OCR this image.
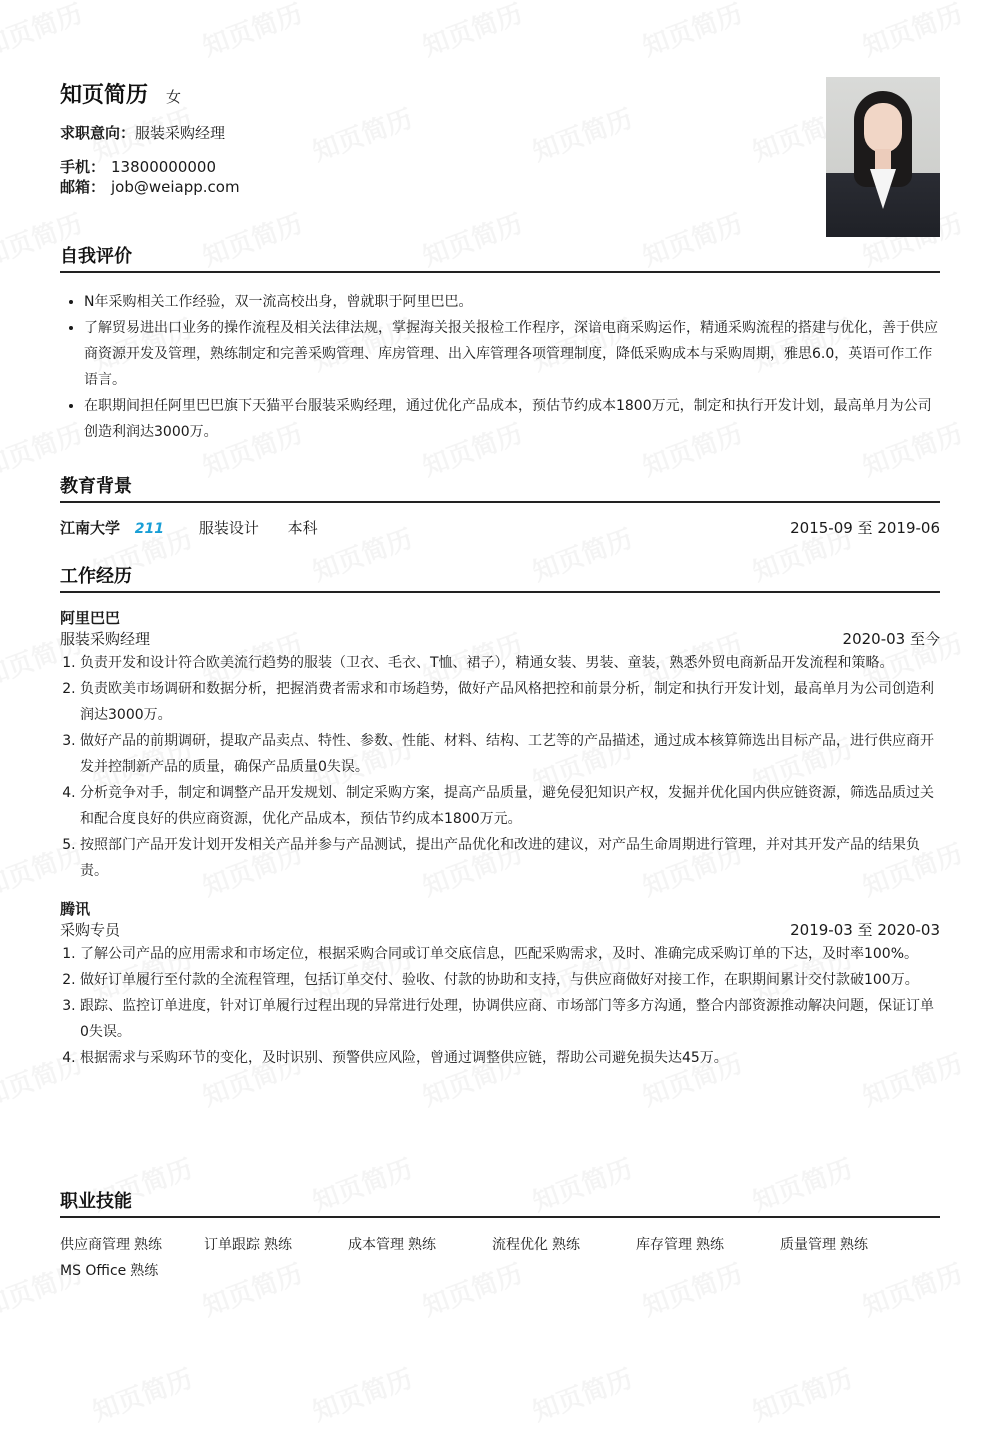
知页简历 女
求职意向：服装采购经理
手机： 13800000000
邮箱： job@weiapp.com
自我评价
• N年采购相关工作经验，双一流高校出身，曾就职于阿里巴巴。
• 了解贸易进出口业务的操作流程及相关法律法规，掌握海关报关报检工作程序，深谙电商采购运作，精通采购流程的搭建与优化，善于供应商资源开发及管理，熟练制定和完善采购管理、库房管理、出入库管理各项管理制度，降低采购成本与采购周期，雅思6.0，英语可作工作语言。
• 在职期间担任阿里巴巴旗下天猫平台服装采购经理，通过优化产品成本，预估节约成本1800万元，制定和执行开发计划，最高单月为公司创造利润达3000万。
教育背景
江南大学 211 服装设计 本科	2015-09 至 2019-06
工作经历
阿里巴巴
服装采购经理	2020-03 至今
1. 负责开发和设计符合欧美流行趋势的服装（卫衣、毛衣、T恤、裙子），精通女装、男装、童装，熟悉外贸电商新品开发流程和策略。
2. 负责欧美市场调研和数据分析，把握消费者需求和市场趋势，做好产品风格把控和前景分析，制定和执行开发计划，最高单月为公司创造利润达3000万。
3. 做好产品的前期调研，提取产品卖点、特性、参数、性能、材料、结构、工艺等的产品描述，通过成本核算筛选出目标产品，进行供应商开发并控制新产品的质量，确保产品质量0失误。
4. 分析竞争对手，制定和调整产品开发规划、制定采购方案，提高产品质量，避免侵犯知识产权，发掘并优化国内供应链资源，筛选品质过关和配合度良好的供应商资源，优化产品成本，预估节约成本1800万元。
5. 按照部门产品开发计划开发相关产品并参与产品测试，提出产品优化和改进的建议，对产品生命周期进行管理，并对其开发产品的结果负责。
腾讯
采购专员	2019-03 至 2020-03
1. 了解公司产品的应用需求和市场定位，根据采购合同或订单交底信息，匹配采购需求，及时、准确完成采购订单的下达，及时率100%。
2. 做好订单履行至付款的全流程管理，包括订单交付、验收、付款的协助和支持，与供应商做好对接工作，在职期间累计交付款破100万。
3. 跟踪、监控订单进度，针对订单履行过程出现的异常进行处理，协调供应商、市场部门等多方沟通，整合内部资源推动解决问题，保证订单0失误。
4. 根据需求与采购环节的变化，及时识别、预警供应风险，曾通过调整供应链，帮助公司避免损失达45万。
职业技能
供应商管理 熟练	订单跟踪 熟练	成本管理 熟练	流程优化 熟练	库存管理 熟练	质量管理 熟练
MS Office 熟练
